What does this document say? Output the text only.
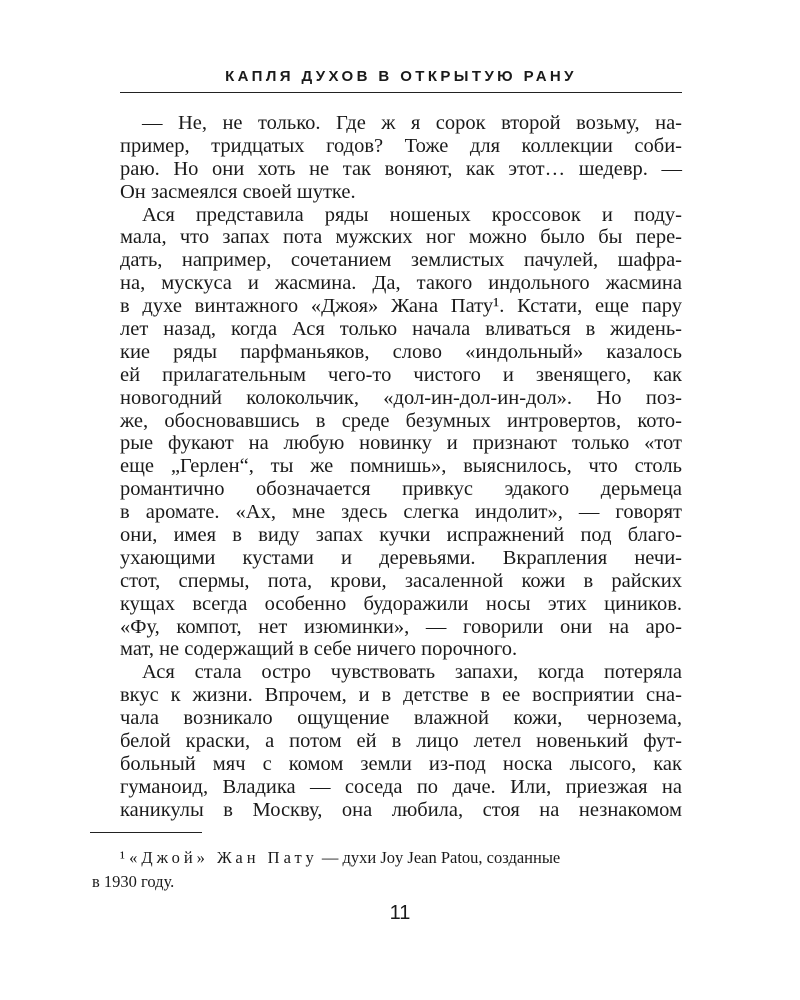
КАПЛЯ ДУХОВ В ОТКРЫТУЮ РАНУ
— Не, не только. Где ж я сорок второй возьму, на-
пример, тридцатых годов? Тоже для коллекции соби-
раю. Но они хоть не так воняют, как этот… шедевр. —
Он засмеялся своей шутке.
Ася представила ряды ношеных кроссовок и поду-
мала, что запах пота мужских ног можно было бы пере-
дать, например, сочетанием землистых пачулей, шафра-
на, мускуса и жасмина. Да, такого индольного жасмина
в духе винтажного «Джоя» Жана Пату¹. Кстати, еще пару
лет назад, когда Ася только начала вливаться в жидень-
кие ряды парфманьяков, слово «индольный» казалось
ей прилагательным чего-то чистого и звенящего, как
новогодний колокольчик, «дол-ин-дол-ин-дол». Но поз-
же, обосновавшись в среде безумных интровертов, кото-
рые фукают на любую новинку и признают только «тот
еще „Герлен“, ты же помнишь», выяснилось, что столь
романтично обозначается привкус эдакого дерьмеца
в аромате. «Ах, мне здесь слегка индолит», — говорят
они, имея в виду запах кучки испражнений под благо-
ухающими кустами и деревьями. Вкрапления нечи-
стот, спермы, пота, крови, засаленной кожи в райских
кущах всегда особенно будоражили носы этих циников.
«Фу, компот, нет изюминки», — говорили они на аро-
мат, не содержащий в себе ничего порочного.
Ася стала остро чувствовать запахи, когда потеряла
вкус к жизни. Впрочем, и в детстве в ее восприятии сна-
чала возникало ощущение влажной кожи, чернозема,
белой краски, а потом ей в лицо летел новенький фут-
больный мяч с комом земли из-под носка лысого, как
гуманоид, Владика — соседа по даче. Или, приезжая на
каникулы в Москву, она любила, стоя на незнакомом
¹ «Джой» Жан Пату — духи Joy Jean Patou, созданные
в 1930 году.
11
